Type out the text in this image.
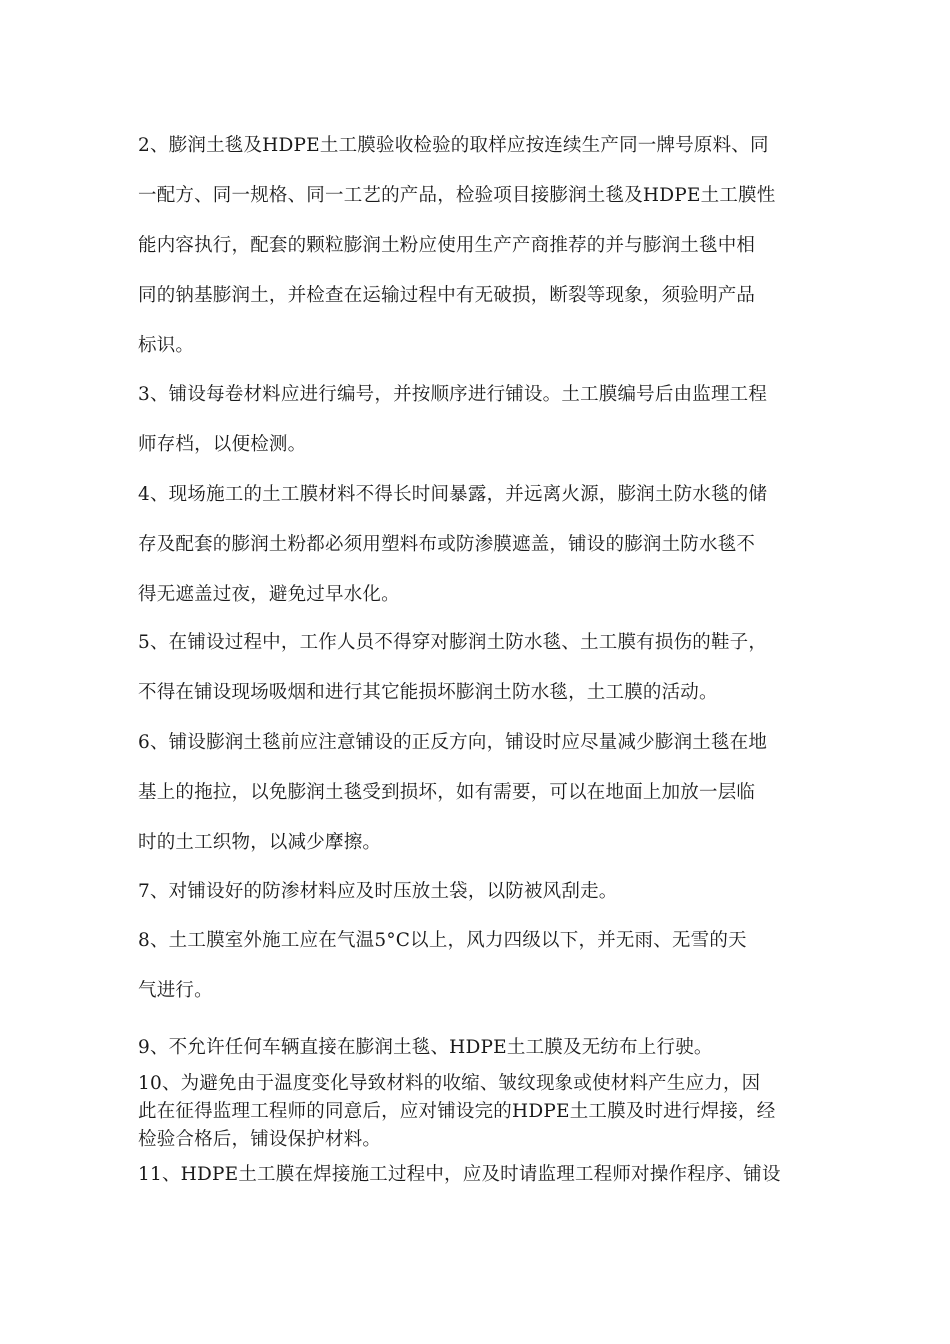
2、膨润土毯及HDPE土工膜验收检验的取样应按连续生产同一牌号原料、同
一配方、同一规格、同一工艺的产品，检验项目接膨润土毯及HDPE土工膜性
能内容执行，配套的颗粒膨润土粉应使用生产产商推荐的并与膨润土毯中相
同的钠基膨润土，并检查在运输过程中有无破损，断裂等现象，须验明产品
标识。
3、铺设每卷材料应进行编号，并按顺序进行铺设。土工膜编号后由监理工程
师存档，以便检测。
4、现场施工的土工膜材料不得长时间暴露，并远离火源，膨润土防水毯的储
存及配套的膨润土粉都必须用塑料布或防渗膜遮盖，铺设的膨润土防水毯不
得无遮盖过夜，避免过早水化。
5、在铺设过程中，工作人员不得穿对膨润土防水毯、土工膜有损伤的鞋子，
不得在铺设现场吸烟和进行其它能损坏膨润土防水毯，土工膜的活动。
6、铺设膨润土毯前应注意铺设的正反方向，铺设时应尽量减少膨润土毯在地
基上的拖拉，以免膨润土毯受到损坏，如有需要，可以在地面上加放一层临
时的土工织物，以减少摩擦。
7、对铺设好的防渗材料应及时压放土袋，以防被风刮走。
8、土工膜室外施工应在气温5°C以上，风力四级以下，并无雨、无雪的天
气进行。
9、不允许任何车辆直接在膨润土毯、HDPE土工膜及无纺布上行驶。
10、为避免由于温度变化导致材料的收缩、皱纹现象或使材料产生应力，因
此在征得监理工程师的同意后，应对铺设完的HDPE土工膜及时进行焊接，经
检验合格后，铺设保护材料。
11、HDPE土工膜在焊接施工过程中，应及时请监理工程师对操作程序、铺设
